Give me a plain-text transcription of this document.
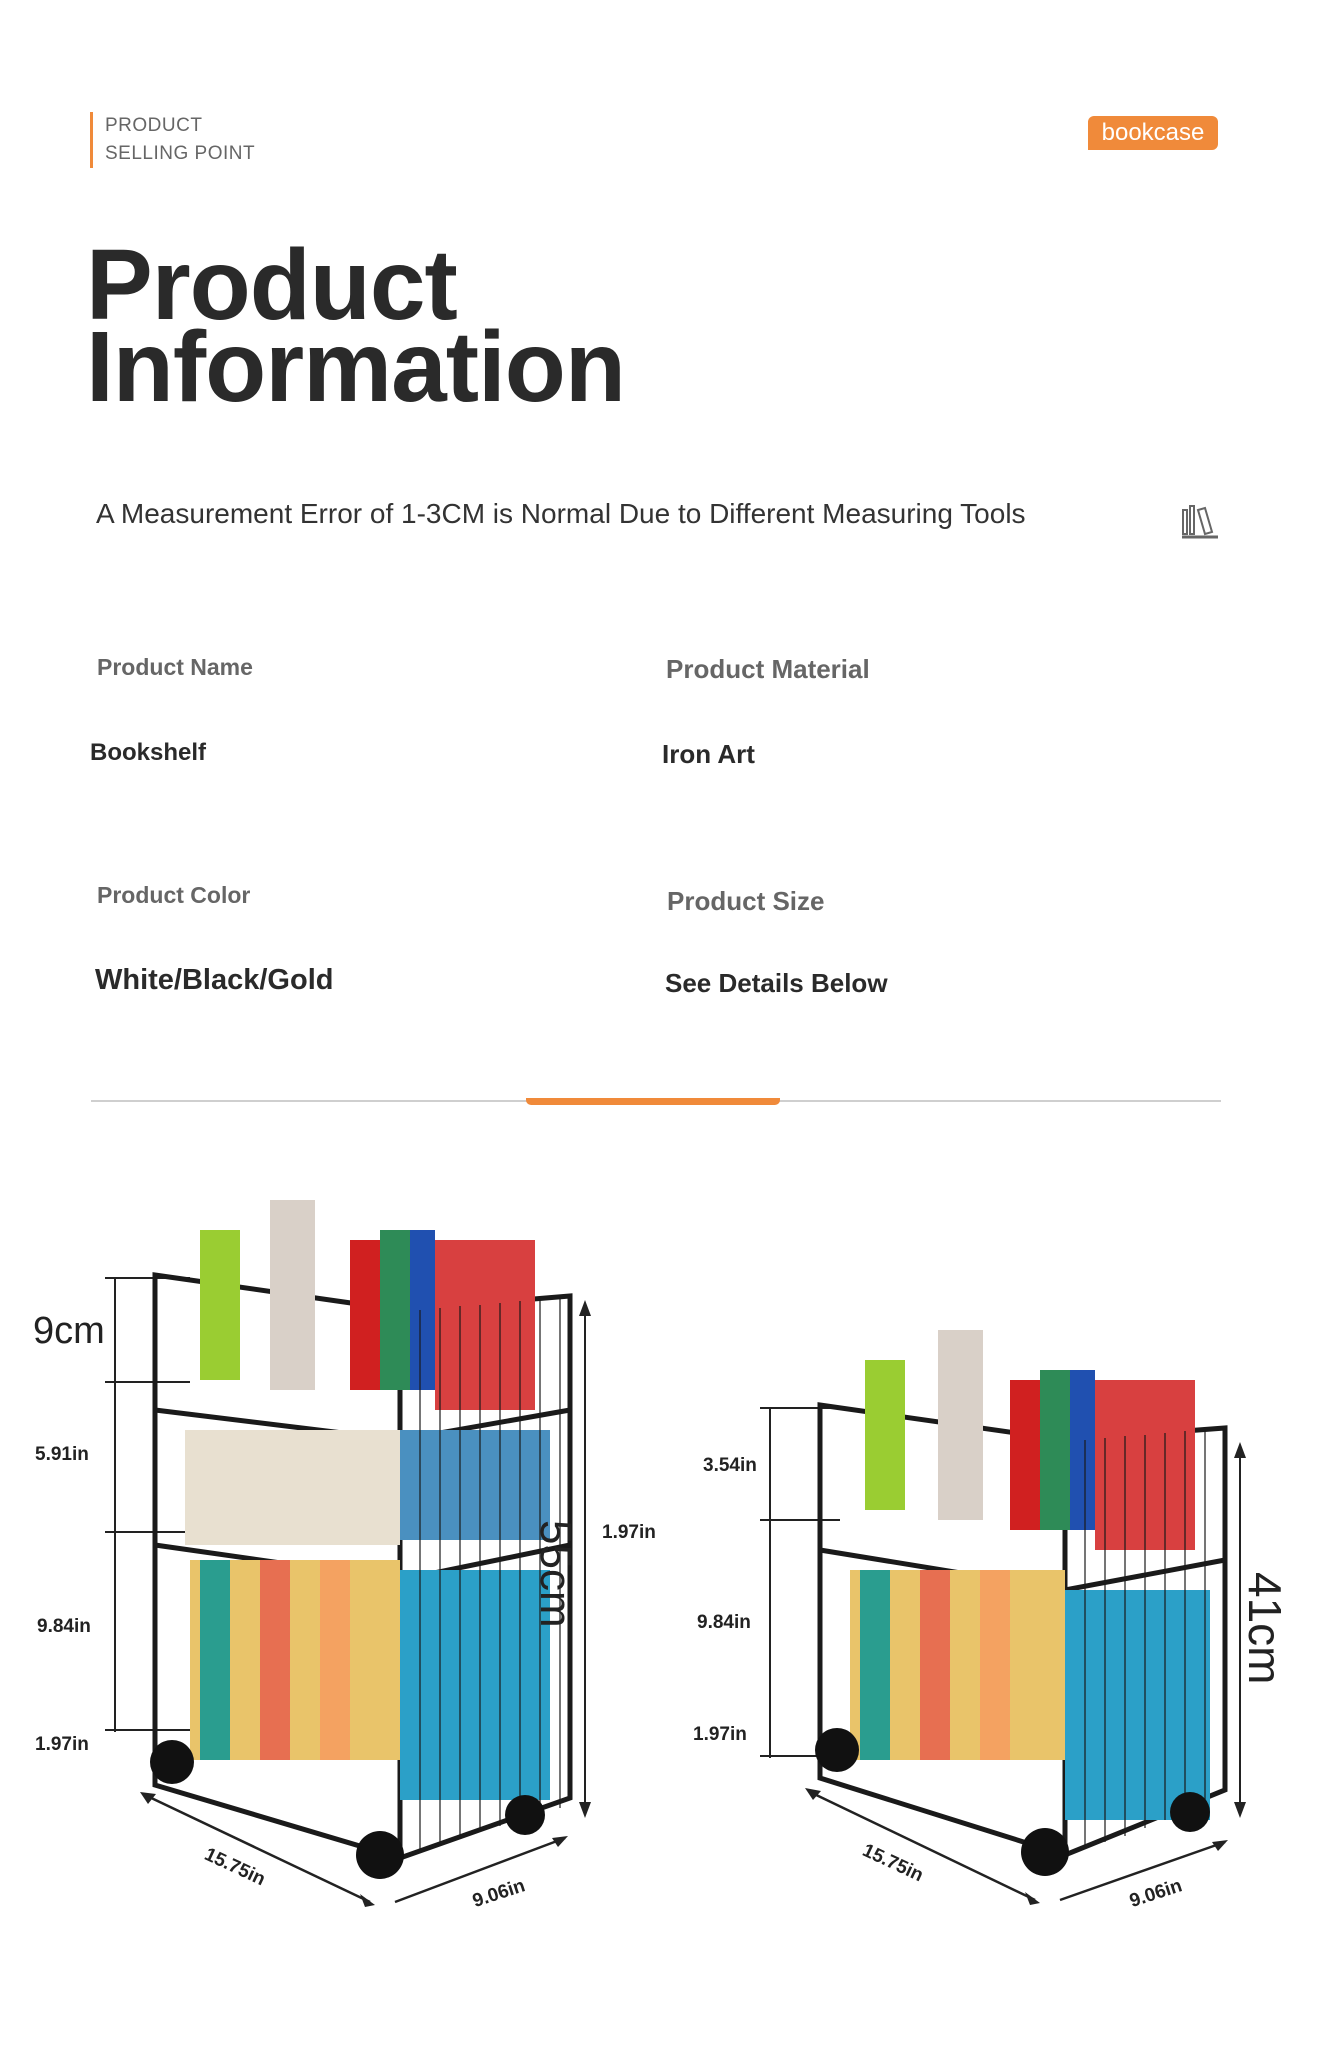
PRODUCT
SELLING POINT
bookcase
Product
Information
A Measurement Error of 1-3CM is Normal Due to Different Measuring Tools
Product Name
Bookshelf
Product Material
Iron Art
Product Color
White/Black/Gold
Product Size
See Details Below
9cm
5.91in
9.84in
1.97in
1.97in
55cm
15.75in
9.06in
3.54in
9.84in
1.97in
41cm
15.75in
9.06in
